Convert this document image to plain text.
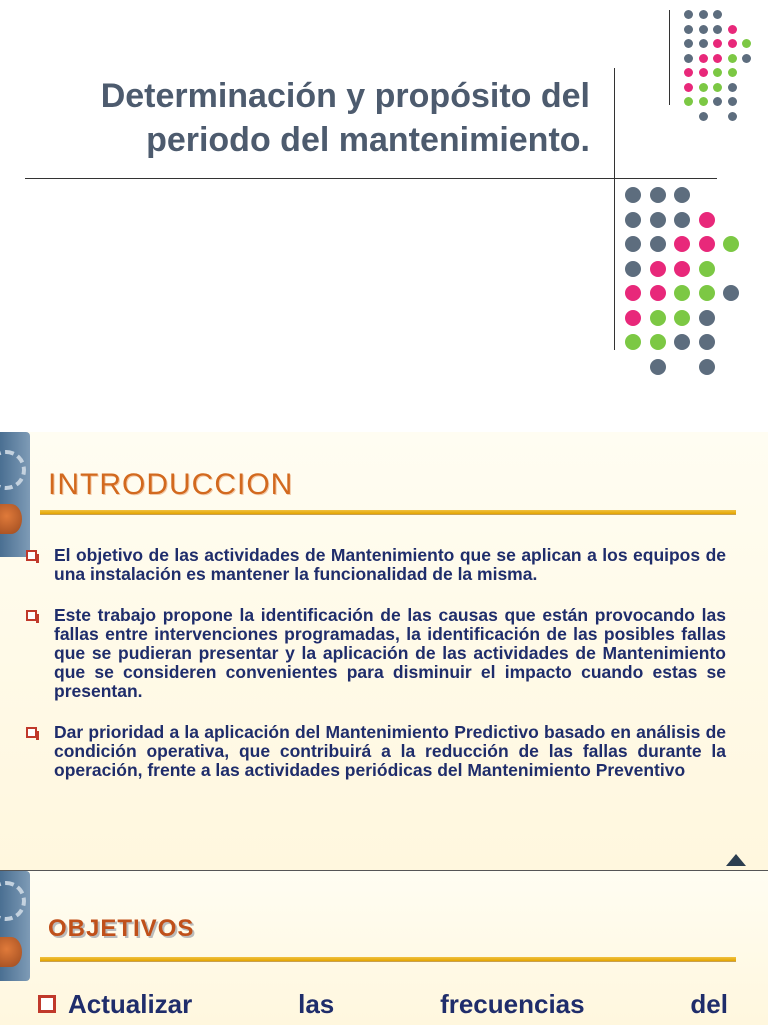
Determinación y propósito del
periodo del mantenimiento.
INTRODUCCION
El objetivo de las actividades de Mantenimiento que se aplican a los equipos de una instalación es mantener la funcionalidad de la misma.
Este trabajo propone la identificación de las causas que están provocando las fallas entre intervenciones programadas, la identificación de las posibles fallas que se pudieran presentar y la aplicación de las actividades de Mantenimiento que se consideren convenientes para disminuir el impacto cuando estas se presentan.
Dar prioridad a la aplicación del Mantenimiento Predictivo basado en análisis de condición operativa, que contribuirá a la reducción de las fallas durante la operación, frente a las actividades periódicas del Mantenimiento Preventivo
OBJETIVOS
Actualizar las frecuencias del
